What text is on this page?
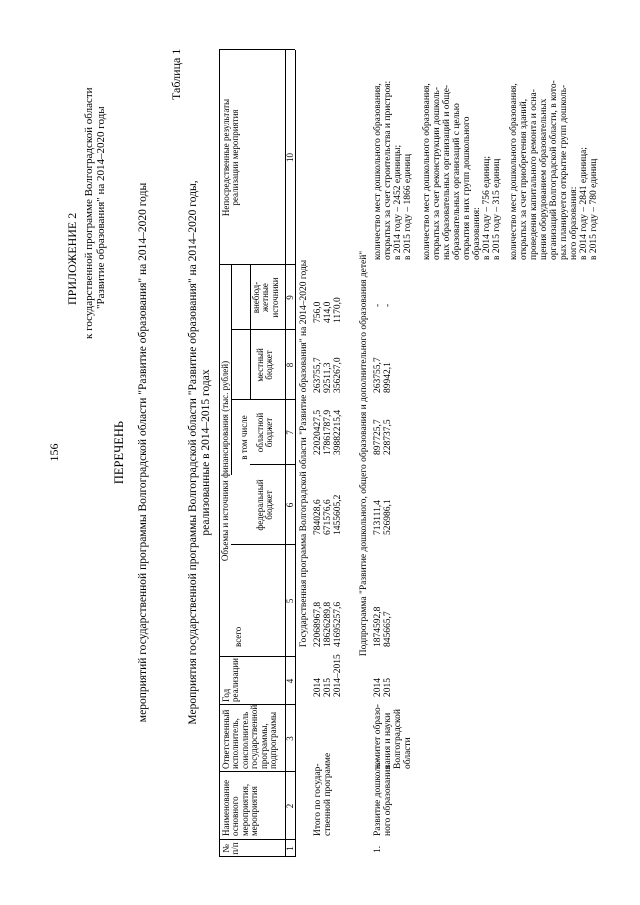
156
ПРИЛОЖЕНИЕ 2 к государственной программе Волгоградской области "Развитие образования" на 2014–2020 годы
ПЕРЕЧЕНЬ мероприятий государственной программы Волгоградской области "Развитие образования" на 2014–2020 годы
Таблица 1
Мероприятия государственной программы Волгоградской области "Развитие образования" на 2014–2020 годы, реализованные в 2014–2015 годах
№
п/п
Наименование
основного
мероприятия,
мероприятия
Ответственный
исполнитель,
соисполнитель
государственной
программы,
подпрограммы
Год
реализации
Объемы и источники финансирования (тыс. рублей)
всего
в том числе
федеральный
бюджет
областной
бюджет
местный
бюджет
внебюд-
жетные
источники
Непосредственные результаты
реализации мероприятия
1
2
3
4
5
6
7
8
9
10
Государственная программа Волгоградской области "Развитие образования" на 2014–2020 годы
Итого по государ-
ственной программе
2014
2015
2014–2015
22068967,8
18626289,8
41695257,6
784028,6
671576,6
1455605,2
22020427,5
17861787,9
39882215,4
263755,7
92511,3
356267,0
756,0
414,0
1170,0 Подпрограмма "Развитие дошкольного, общего образования и дополнительного образования детей"
1.
Развитие дошколь-
ного образования
комитет образо-
вания и науки
Волгоградской
области
2014
2015
1874592,8
845665,7
713111,4
526986,1
897725,7
228737,5
263755,7
89942,1
-
-
количество мест дошкольного образования,
открытых за счет строительства и пристроя:
в 2014 году – 2452 единицы;
в 2015 году – 1866 единиц
количество мест дошкольного образования,
открытых за счет реконструкции дошколь-
ных образовательных организаций и обще-
образовательных организаций с целью
открытия в них групп дошкольного
образования:
в 2014 году – 756 единиц;
в 2015 году – 315 единиц
количество мест дошкольного образования,
открытых за счет приобретения зданий,
проведения капитального ремонта и осна-
щения оборудованием образовательных
организаций Волгоградской области, в кото-
рых планируется открытие групп дошколь-
ного образования:
в 2014 году – 2841 единица;
в 2015 году – 780 единиц
